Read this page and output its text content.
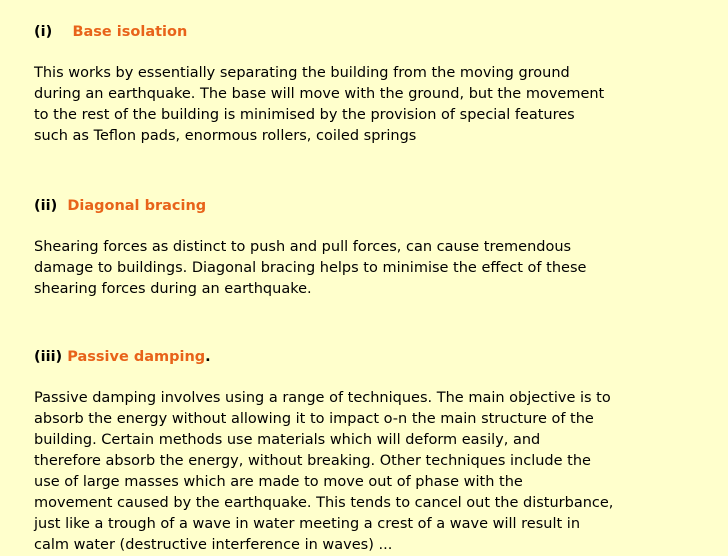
(i) Base isolation
This works by essentially separating the building from the moving ground
during an earthquake. The base will move with the ground, but the movement
to the rest of the building is minimised by the provision of special features
such as Teflon pads, enormous rollers, coiled springs
(ii) Diagonal bracing
Shearing forces as distinct to push and pull forces, can cause tremendous
damage to buildings. Diagonal bracing helps to minimise the effect of these
shearing forces during an earthquake.
(iii) Passive damping.
Passive damping involves using a range of techniques. The main objective is to
absorb the energy without allowing it to impact o-n the main structure of the
building. Certain methods use materials which will deform easily, and
therefore absorb the energy, without breaking. Other techniques include the
use of large masses which are made to move out of phase with the
movement caused by the earthquake. This tends to cancel out the disturbance,
just like a trough of a wave in water meeting a crest of a wave will result in
calm water (destructive interference in waves) ...
